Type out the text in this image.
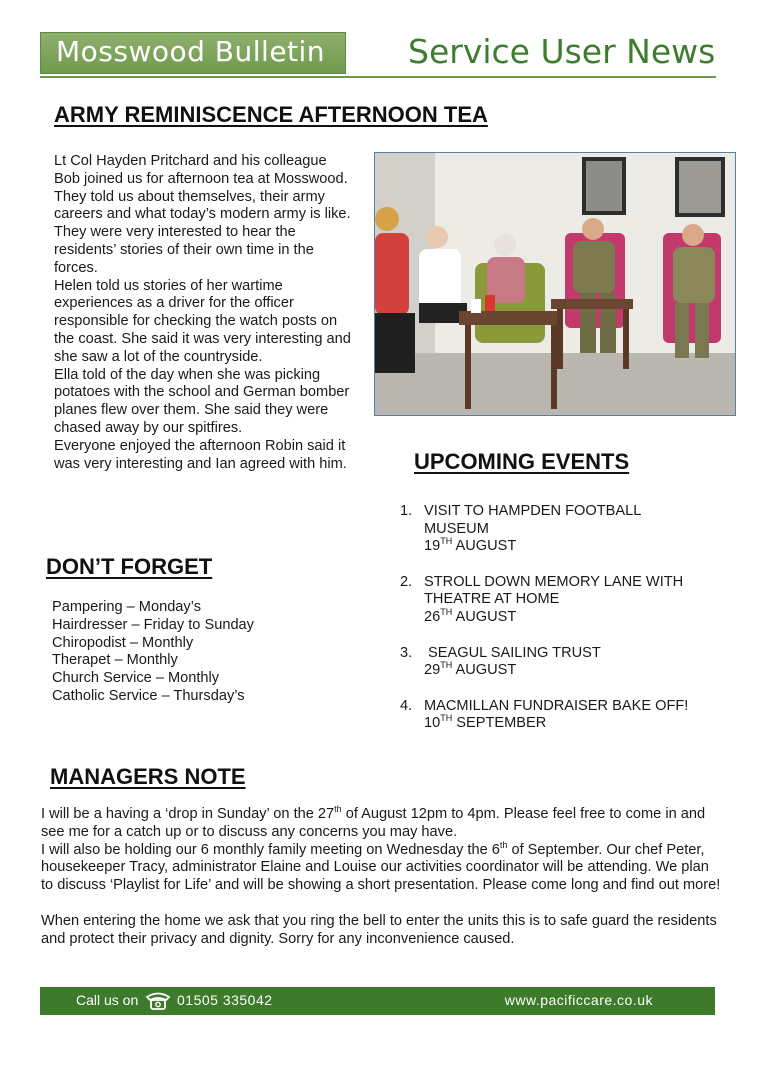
Mosswood Bulletin	Service User News
ARMY REMINISCENCE AFTERNOON TEA

Lt Col Hayden Pritchard and his colleague Bob joined us for afternoon tea at Mosswood.

They told us about themselves, their army careers and what today’s modern army is like. They were very interested to hear the residents’ stories of their own time in the forces.

Helen told us stories of her wartime experiences as a driver for the officer responsible for checking the watch posts on the coast. She said it was very interesting and she saw a lot of the countryside.

Ella told of the day when she was picking potatoes with the school and German bomber planes flew over them. She said they were chased away by our spitfires.

Everyone enjoyed the afternoon Robin said it was very interesting and Ian agreed with him.

DON’T FORGET
Pampering – Monday’s
Hairdresser – Friday to Sunday
Chiropodist – Monthly
Therapet – Monthly
Church Service – Monthly
Catholic Service – Thursday’s
UPCOMING EVENTS
1. VISIT TO HAMPDEN FOOTBALL MUSEUM
19TH AUGUST
2. STROLL DOWN MEMORY LANE WITH THEATRE AT HOME
26TH AUGUST
3. SEAGUL SAILING TRUST
29TH AUGUST
4. MACMILLAN FUNDRAISER BAKE OFF!
10TH SEPTEMBER
MANAGERS NOTE

I will be a having a ‘drop in Sunday’ on the 27th of August 12pm to 4pm. Please feel free to come in and see me for a catch up or to discuss any concerns you may have.

I will also be holding our 6 monthly family meeting on Wednesday the 6th of September. Our chef Peter, housekeeper Tracy, administrator Elaine and Louise our activities coordinator will be attending. We plan to discuss ‘Playlist for Life’ and will be showing a short presentation. Please come long and find out more!

When entering the home we ask that you ring the bell to enter the units this is to safe guard the residents and protect their privacy and dignity. Sorry for any inconvenience caused.

Call us on	01505 335042	www.pacificcare.co.uk
